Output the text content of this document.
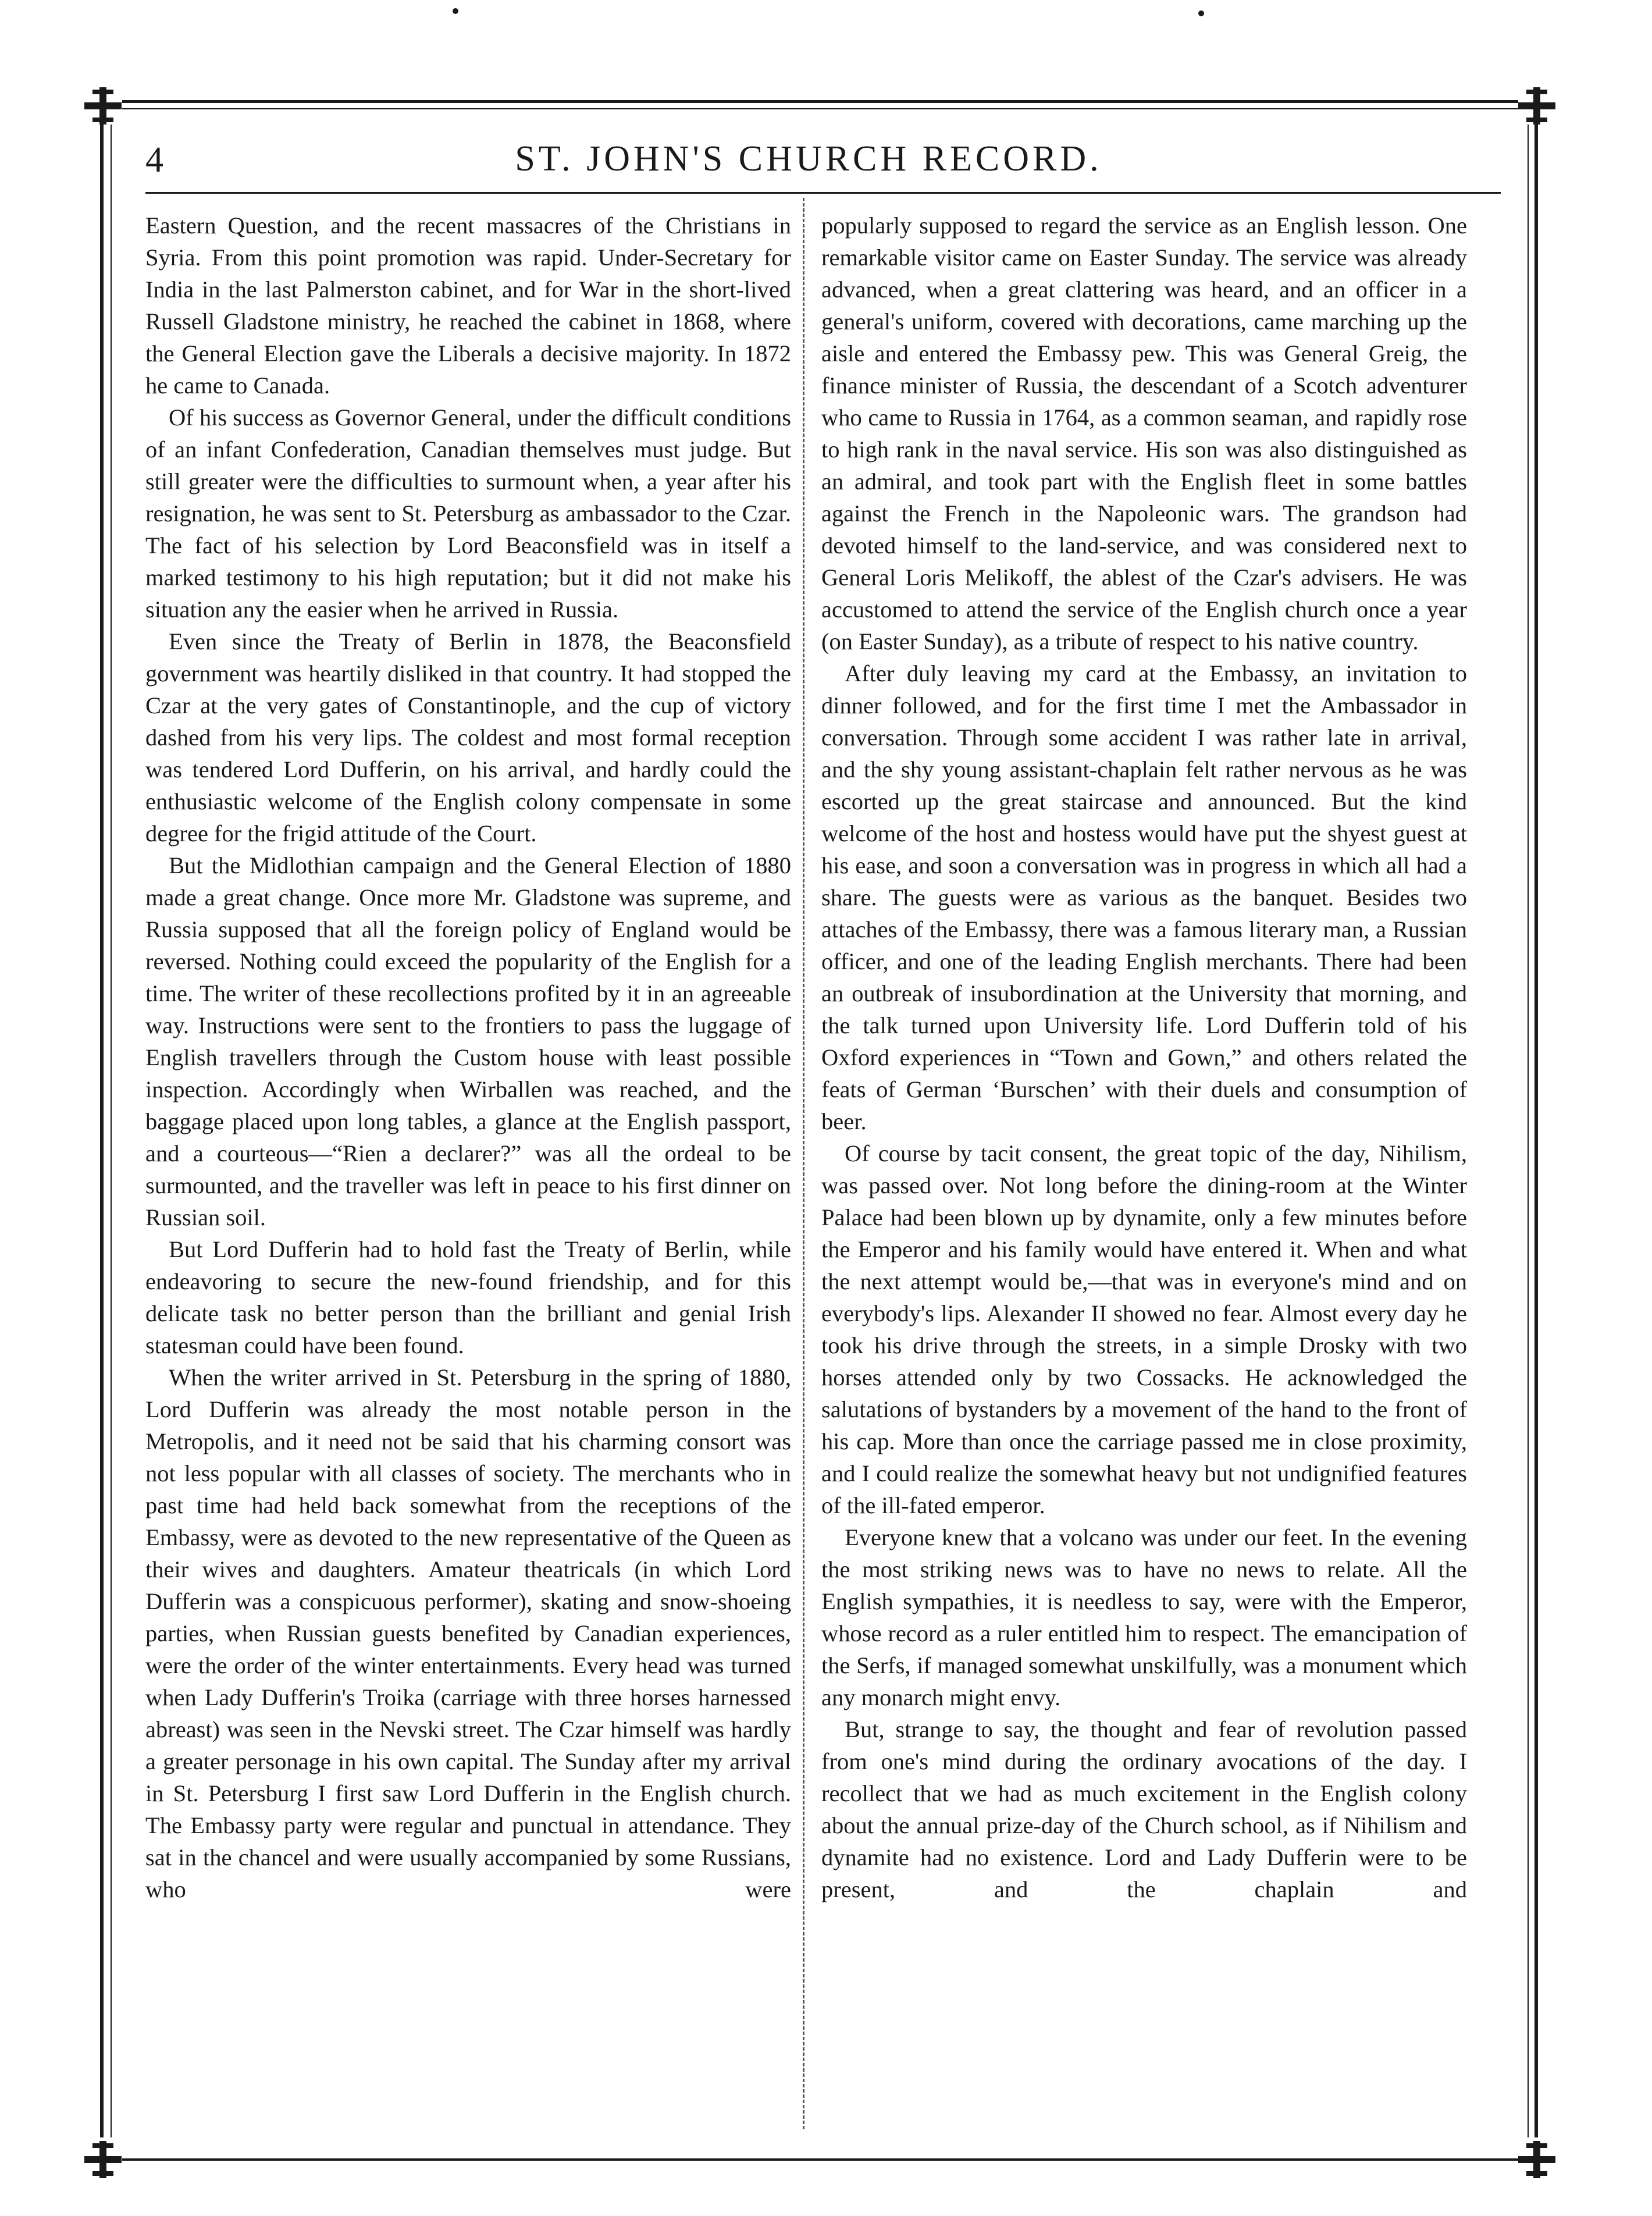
4	ST. JOHN'S CHURCH RECORD.

Eastern Question, and the recent massacres of the Christians in Syria. From this point promotion was rapid. Under-Secretary for India in the last Palmerston cabinet, and for War in the short-lived Russell Gladstone ministry, he reached the cabinet in 1868, where the General Election gave the Liberals a decisive majority. In 1872 he came to Canada.

Of his success as Governor General, under the difficult conditions of an infant Confederation, Canadian themselves must judge. But still greater were the difficulties to surmount when, a year after his resignation, he was sent to St. Petersburg as ambassador to the Czar. The fact of his selection by Lord Beaconsfield was in itself a marked testimony to his high reputation; but it did not make his situation any the easier when he arrived in Russia.

Even since the Treaty of Berlin in 1878, the Beaconsfield government was heartily disliked in that country. It had stopped the Czar at the very gates of Constantinople, and the cup of victory dashed from his very lips. The coldest and most formal reception was tendered Lord Dufferin, on his arrival, and hardly could the enthusiastic welcome of the English colony compensate in some degree for the frigid attitude of the Court.

But the Midlothian campaign and the General Election of 1880 made a great change. Once more Mr. Gladstone was supreme, and Russia supposed that all the foreign policy of England would be reversed. Nothing could exceed the popularity of the English for a time. The writer of these recollections profited by it in an agreeable way. Instructions were sent to the frontiers to pass the luggage of English travellers through the Custom house with least possible inspection. Accordingly when Wirballen was reached, and the baggage placed upon long tables, a glance at the English passport, and a courteous—“Rien a declarer?” was all the ordeal to be surmounted, and the traveller was left in peace to his first dinner on Russian soil.

But Lord Dufferin had to hold fast the Treaty of Berlin, while endeavoring to secure the new-found friendship, and for this delicate task no better person than the brilliant and genial Irish statesman could have been found.

When the writer arrived in St. Petersburg in the spring of 1880, Lord Dufferin was already the most notable person in the Metropolis, and it need not be said that his charming consort was not less popular with all classes of society. The merchants who in past time had held back somewhat from the receptions of the Embassy, were as devoted to the new representative of the Queen as their wives and daughters. Amateur theatricals (in which Lord Dufferin was a conspicuous performer), skating and snow-shoeing parties, when Russian guests benefited by Canadian experiences, were the order of the winter entertainments. Every head was turned when Lady Dufferin's Troika (carriage with three horses harnessed abreast) was seen in the Nevski street. The Czar himself was hardly a greater personage in his own capital. The Sunday after my arrival in St. Petersburg I first saw Lord Dufferin in the English church. The Embassy party were regular and punctual in attendance. They sat in the chancel and were usually accompanied by some Russians, who were

popularly supposed to regard the service as an English lesson. One remarkable visitor came on Easter Sunday. The service was already advanced, when a great clattering was heard, and an officer in a general's uniform, covered with decorations, came marching up the aisle and entered the Embassy pew. This was General Greig, the finance minister of Russia, the descendant of a Scotch adventurer who came to Russia in 1764, as a common seaman, and rapidly rose to high rank in the naval service. His son was also distinguished as an admiral, and took part with the English fleet in some battles against the French in the Napoleonic wars. The grandson had devoted himself to the land-service, and was considered next to General Loris Melikoff, the ablest of the Czar's advisers. He was accustomed to attend the service of the English church once a year (on Easter Sunday), as a tribute of respect to his native country.

After duly leaving my card at the Embassy, an invitation to dinner followed, and for the first time I met the Ambassador in conversation. Through some accident I was rather late in arrival, and the shy young assistant-chaplain felt rather nervous as he was escorted up the great staircase and announced. But the kind welcome of the host and hostess would have put the shyest guest at his ease, and soon a conversation was in progress in which all had a share. The guests were as various as the banquet. Besides two attaches of the Embassy, there was a famous literary man, a Russian officer, and one of the leading English merchants. There had been an outbreak of insubordination at the University that morning, and the talk turned upon University life. Lord Dufferin told of his Oxford experiences in “Town and Gown,” and others related the feats of German ‘Burschen’ with their duels and consumption of beer.

Of course by tacit consent, the great topic of the day, Nihilism, was passed over. Not long before the dining-room at the Winter Palace had been blown up by dynamite, only a few minutes before the Emperor and his family would have entered it. When and what the next attempt would be,—that was in everyone's mind and on everybody's lips. Alexander II showed no fear. Almost every day he took his drive through the streets, in a simple Drosky with two horses attended only by two Cossacks. He acknowledged the salutations of bystanders by a movement of the hand to the front of his cap. More than once the carriage passed me in close proximity, and I could realize the somewhat heavy but not undignified features of the ill-fated emperor.

Everyone knew that a volcano was under our feet. In the evening the most striking news was to have no news to relate. All the English sympathies, it is needless to say, were with the Emperor, whose record as a ruler entitled him to respect. The emancipation of the Serfs, if managed somewhat unskilfully, was a monument which any monarch might envy.

But, strange to say, the thought and fear of revolution passed from one's mind during the ordinary avocations of the day. I recollect that we had as much excitement in the English colony about the annual prize-day of the Church school, as if Nihilism and dynamite had no existence. Lord and Lady Dufferin were to be present, and the chaplain and
